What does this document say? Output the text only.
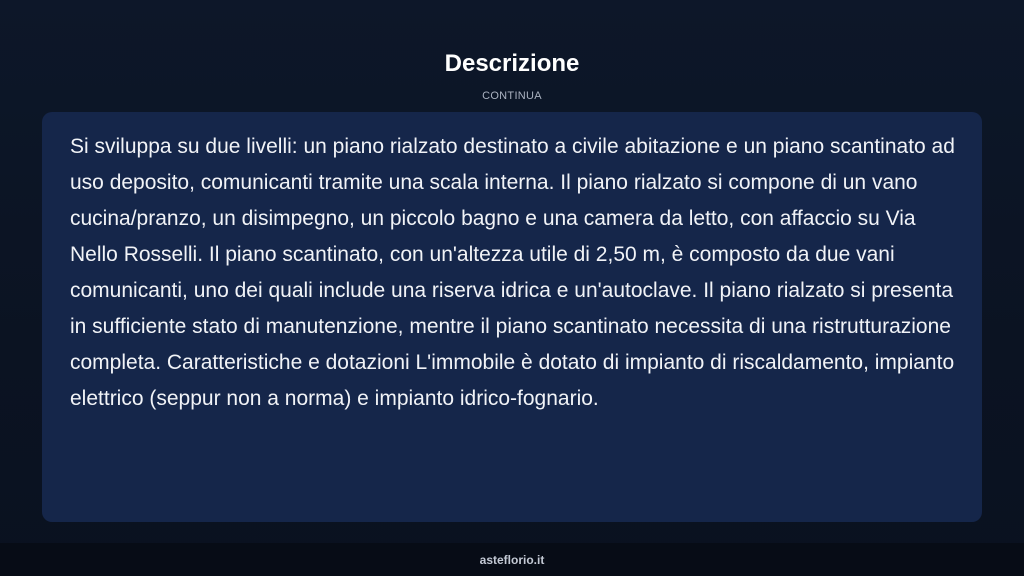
Descrizione
CONTINUA

Si sviluppa su due livelli: un piano rialzato destinato a civile abitazione e un piano scantinato ad uso deposito, comunicanti tramite una scala interna. Il piano rialzato si compone di un vano cucina/pranzo, un disimpegno, un piccolo bagno e una camera da letto, con affaccio su Via Nello Rosselli. Il piano scantinato, con un'altezza utile di 2,50 m, è composto da due vani comunicanti, uno dei quali include una riserva idrica e un'autoclave. Il piano rialzato si presenta in sufficiente stato di manutenzione, mentre il piano scantinato necessita di una ristrutturazione completa. Caratteristiche e dotazioni L'immobile è dotato di impianto di riscaldamento, impianto elettrico (seppur non a norma) e impianto idrico-fognario.

asteflorio.it
